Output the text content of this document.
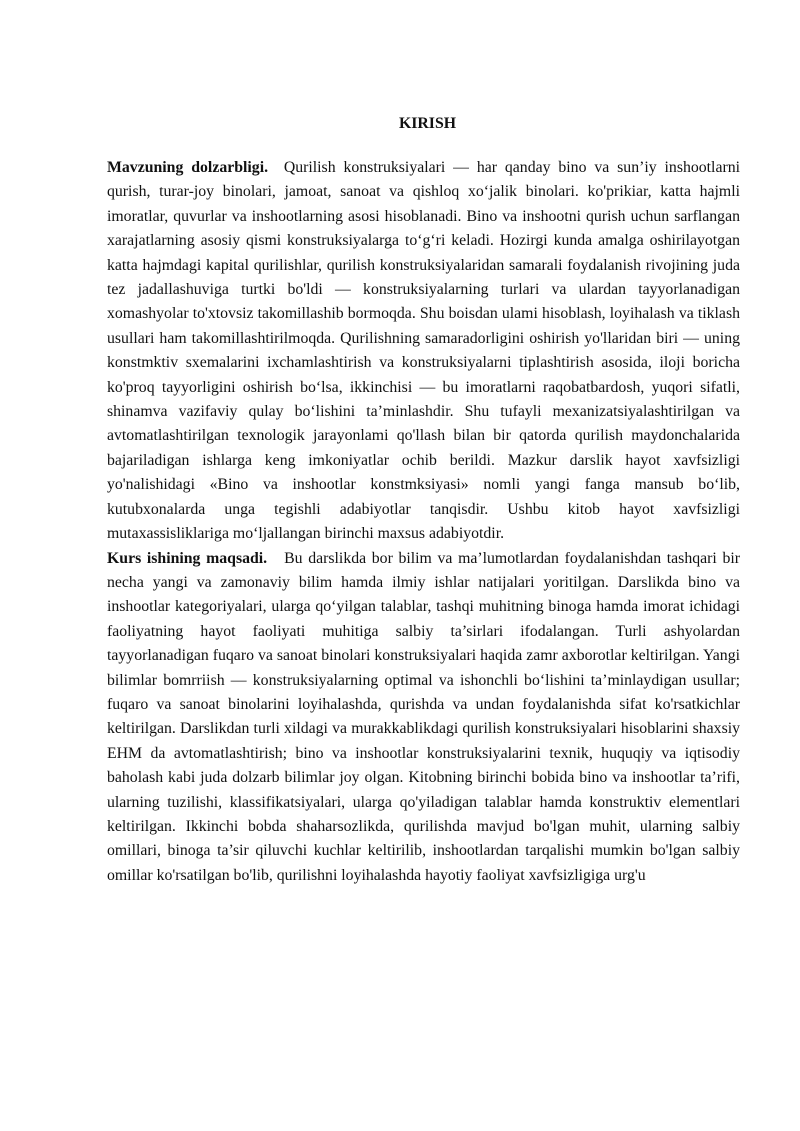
KIRISH

Mavzuning dolzarbligi. Qurilish konstruksiyalari — har qanday bino va sun’iy inshootlarni qurish, turar-joy binolari, jamoat, sanoat va qishloq xo‘jalik binolari. ko'prikiar, katta hajmli imoratlar, quvurlar va inshootlarning asosi hisoblanadi. Bino va inshootni qurish uchun sarflangan xarajatlarning asosiy qismi konstruksiyalarga to‘g‘ri keladi. Hozirgi kunda amalga oshirilayotgan katta hajmdagi kapital qurilishlar, qurilish konstruksiyalaridan samarali foydalanish rivojining juda tez jadallashuviga turtki bo'ldi — konstruksiyalarning turlari va ulardan tayyorlanadigan xomashyolar to'xtovsiz takomillashib bormoqda. Shu boisdan ulami hisoblash, loyihalash va tiklash usullari ham takomillashtirilmoqda. Qurilishning samaradorligini oshirish yo'llaridan biri — uning konstmktiv sxemalarini ixchamlashtirish va konstruksiyalarni tiplashtirish asosida, iloji boricha ko'proq tayyorligini oshirish bo‘lsa, ikkinchisi — bu imoratlarni raqobatbardosh, yuqori sifatli, shinamva vazifaviy qulay bo‘lishini ta’minlashdir. Shu tufayli mexanizatsiyalashtirilgan va avtomatlashtirilgan texnologik jarayonlami qo'llash bilan bir qatorda qurilish maydonchalarida bajariladigan ishlarga keng imkoniyatlar ochib berildi. Mazkur darslik hayot xavfsizligi yo'nalishidagi «Bino va inshootlar konstmksiyasi» nomli yangi fanga mansub bo‘lib, kutubxonalarda unga tegishli adabiyotlar tanqisdir. Ushbu kitob hayot xavfsizligi mutaxassisliklariga mo‘ljallangan birinchi maxsus adabiyotdir.

Kurs ishining maqsadi. Bu darslikda bor bilim va ma’lumotlardan foydalanishdan tashqari bir necha yangi va zamonaviy bilim hamda ilmiy ishlar natijalari yoritilgan. Darslikda bino va inshootlar kategoriyalari, ularga qo‘yilgan talablar, tashqi muhitning binoga hamda imorat ichidagi faoliyatning hayot faoliyati muhitiga salbiy ta’sirlari ifodalangan. Turli ashyolardan tayyorlanadigan fuqaro va sanoat binolari konstruksiyalari haqida zamr axborotlar keltirilgan. Yangi bilimlar bomrriish — konstruksiyalarning optimal va ishonchli bo‘lishini ta’minlaydigan usullar; fuqaro va sanoat binolarini loyihalashda, qurishda va undan foydalanishda sifat ko'rsatkichlar keltirilgan. Darslikdan turli xildagi va murakkablikdagi qurilish konstruksiyalari hisoblarini shaxsiy EHM da avtomatlashtirish; bino va inshootlar konstruksiyalarini texnik, huquqiy va iqtisodiy baholash kabi juda dolzarb bilimlar joy olgan. Kitobning birinchi bobida bino va inshootlar ta’rifi, ularning tuzilishi, klassifikatsiyalari, ularga qo'yiladigan talablar hamda konstruktiv elementlari keltirilgan. Ikkinchi bobda shaharsozlikda, qurilishda mavjud bo'lgan muhit, ularning salbiy omillari, binoga ta’sir qiluvchi kuchlar keltirilib, inshootlardan tarqalishi mumkin bo'lgan salbiy omillar ko'rsatilgan bo'lib, qurilishni loyihalashda hayotiy faoliyat xavfsizligiga urg'u
